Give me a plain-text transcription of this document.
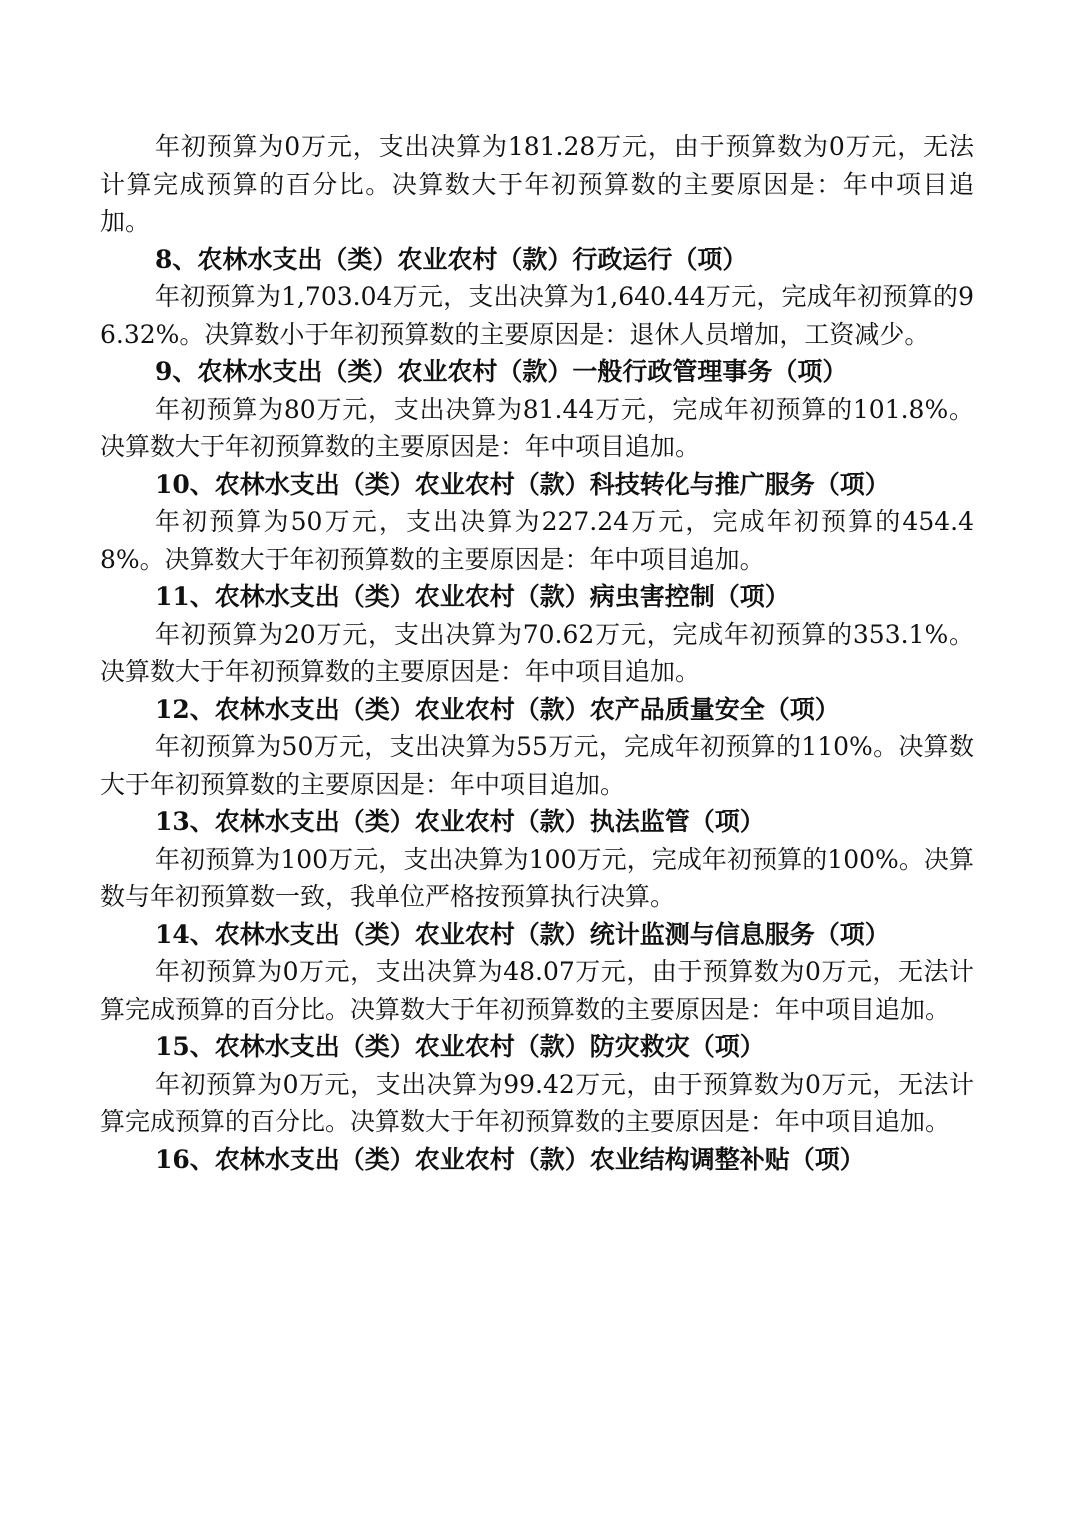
年初预算为0万元，支出决算为181.28万元，由于预算数为0万元，无法计算完成预算的百分比。决算数大于年初预算数的主要原因是：年中项目追加。

8、农林水支出（类）农业农村（款）行政运行（项）

年初预算为1,703.04万元，支出决算为1,640.44万元，完成年初预算的96.32%。决算数小于年初预算数的主要原因是：退休人员增加，工资减少。

9、农林水支出（类）农业农村（款）一般行政管理事务（项）

年初预算为80万元，支出决算为81.44万元，完成年初预算的101.8%。决算数大于年初预算数的主要原因是：年中项目追加。

10、农林水支出（类）农业农村（款）科技转化与推广服务（项）

年初预算为50万元，支出决算为227.24万元，完成年初预算的454.48%。决算数大于年初预算数的主要原因是：年中项目追加。

11、农林水支出（类）农业农村（款）病虫害控制（项）

年初预算为20万元，支出决算为70.62万元，完成年初预算的353.1%。决算数大于年初预算数的主要原因是：年中项目追加。

12、农林水支出（类）农业农村（款）农产品质量安全（项）

年初预算为50万元，支出决算为55万元，完成年初预算的110%。决算数大于年初预算数的主要原因是：年中项目追加。

13、农林水支出（类）农业农村（款）执法监管（项）

年初预算为100万元，支出决算为100万元，完成年初预算的100%。决算数与年初预算数一致，我单位严格按预算执行决算。

14、农林水支出（类）农业农村（款）统计监测与信息服务（项）

年初预算为0万元，支出决算为48.07万元，由于预算数为0万元，无法计算完成预算的百分比。决算数大于年初预算数的主要原因是：年中项目追加。

15、农林水支出（类）农业农村（款）防灾救灾（项）

年初预算为0万元，支出决算为99.42万元，由于预算数为0万元，无法计算完成预算的百分比。决算数大于年初预算数的主要原因是：年中项目追加。

16、农林水支出（类）农业农村（款）农业结构调整补贴（项）
